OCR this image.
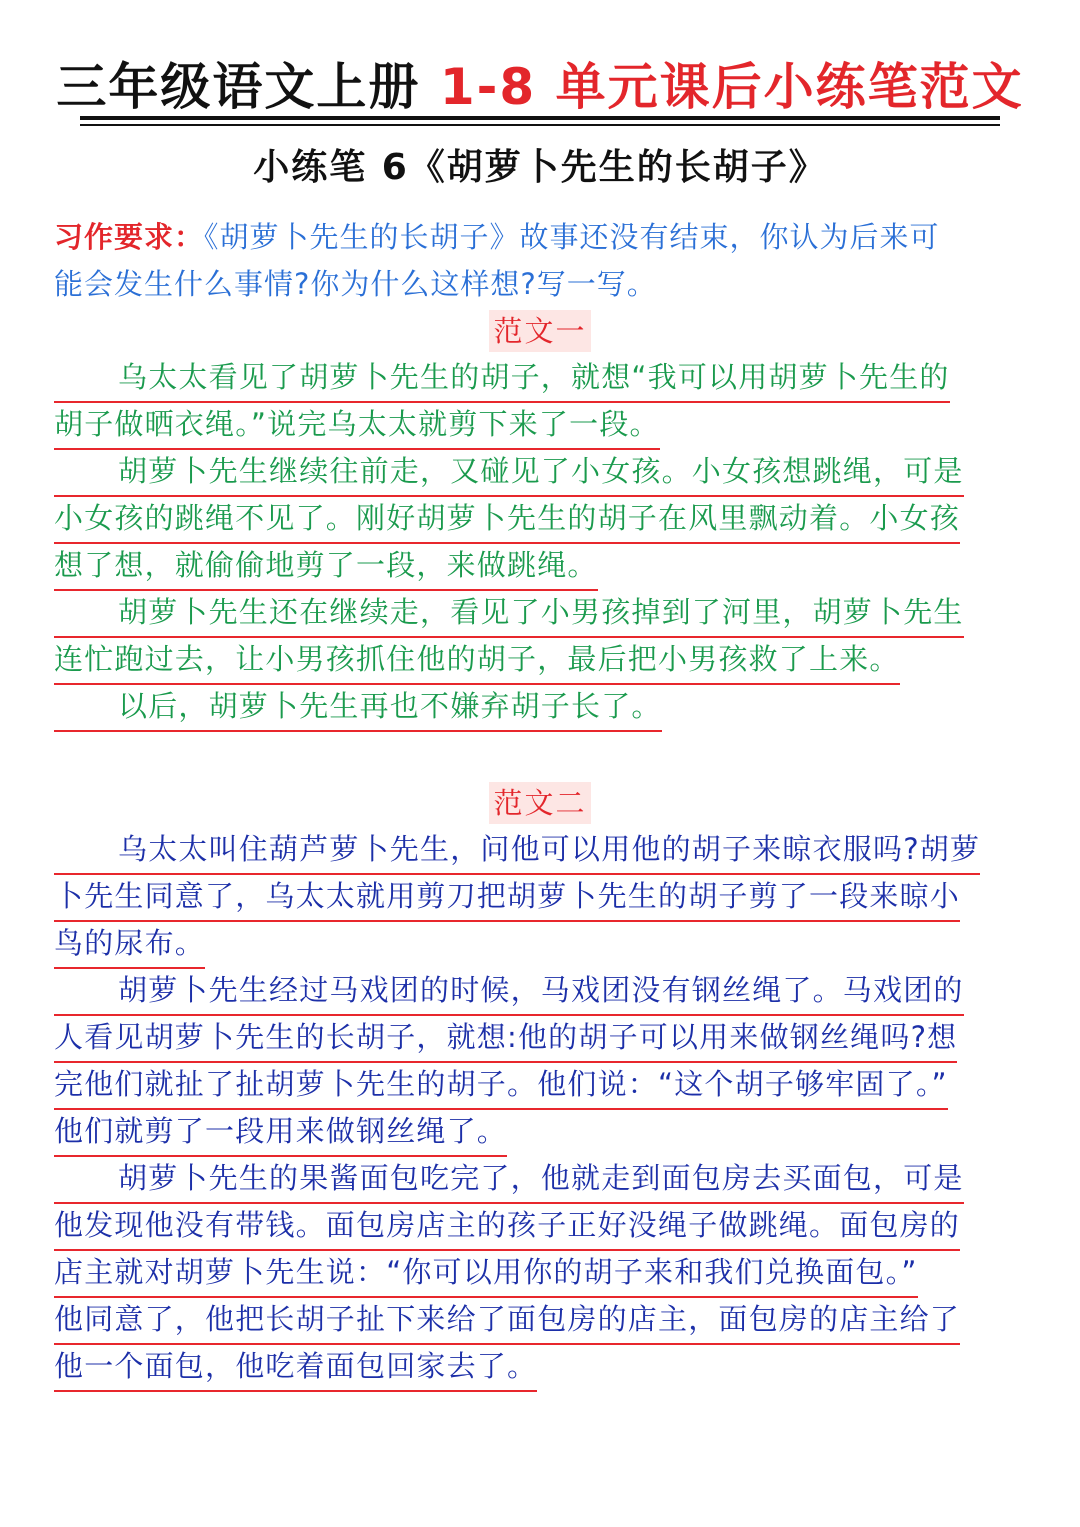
三年级语文上册 1-8 单元课后小练笔范文
小练笔 6《胡萝卜先生的长胡子》
习作要求：《胡萝卜先生的长胡子》故事还没有结束，你认为后来可
能会发生什么事情?你为什么这样想?写一写。
范文一
乌太太看见了胡萝卜先生的胡子，就想“我可以用胡萝卜先生的
胡子做晒衣绳。”说完乌太太就剪下来了一段。
胡萝卜先生继续往前走，又碰见了小女孩。小女孩想跳绳，可是
小女孩的跳绳不见了。刚好胡萝卜先生的胡子在风里飘动着。小女孩
想了想，就偷偷地剪了一段，来做跳绳。
胡萝卜先生还在继续走，看见了小男孩掉到了河里，胡萝卜先生
连忙跑过去，让小男孩抓住他的胡子，最后把小男孩救了上来。
以后，胡萝卜先生再也不嫌弃胡子长了。
范文二
乌太太叫住葫芦萝卜先生，问他可以用他的胡子来晾衣服吗?胡萝
卜先生同意了，乌太太就用剪刀把胡萝卜先生的胡子剪了一段来晾小
鸟的尿布。
胡萝卜先生经过马戏团的时候，马戏团没有钢丝绳了。马戏团的
人看见胡萝卜先生的长胡子，就想:他的胡子可以用来做钢丝绳吗?想
完他们就扯了扯胡萝卜先生的胡子。他们说：“这个胡子够牢固了。”
他们就剪了一段用来做钢丝绳了。
胡萝卜先生的果酱面包吃完了，他就走到面包房去买面包，可是
他发现他没有带钱。面包房店主的孩子正好没绳子做跳绳。面包房的
店主就对胡萝卜先生说：“你可以用你的胡子来和我们兑换面包。”
他同意了，他把长胡子扯下来给了面包房的店主，面包房的店主给了
他一个面包，他吃着面包回家去了。
